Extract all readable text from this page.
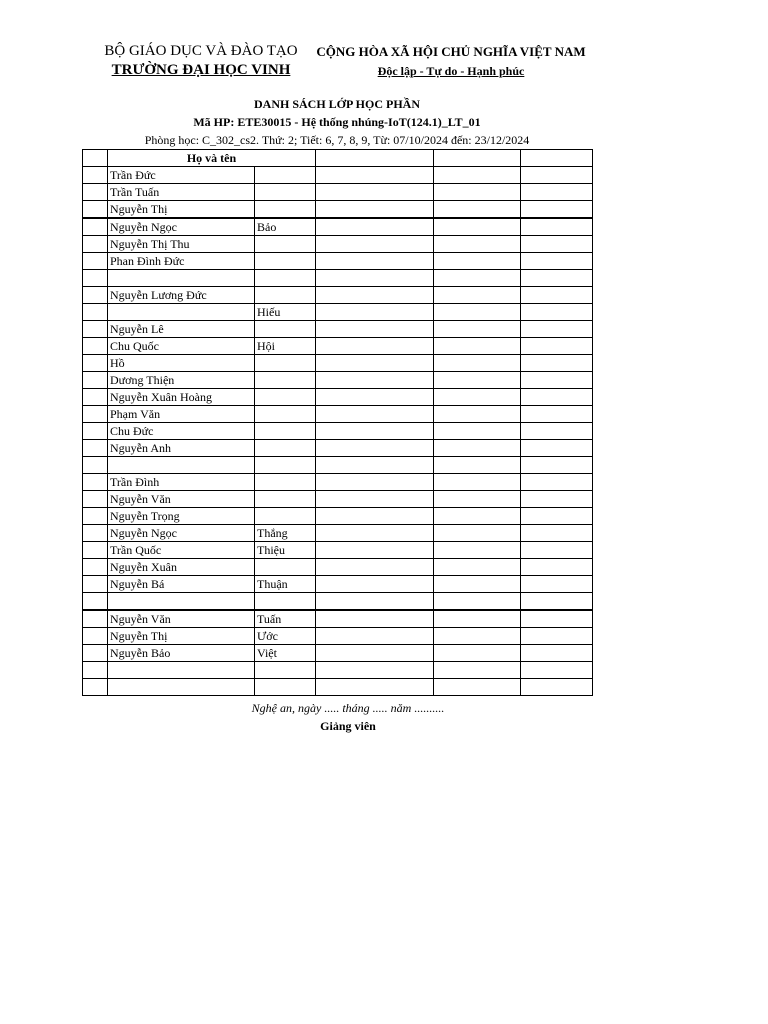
BỘ GIÁO DỤC VÀ ĐÀO TẠO
TRƯỜNG ĐẠI HỌC VINH
CỘNG HÒA XÃ HỘI CHỦ NGHĨA VIỆT NAM
Độc lập - Tự do - Hạnh phúc
DANH SÁCH LỚP HỌC PHẦN
Mã HP: ETE30015 - Hệ thống nhúng-IoT(124.1)_LT_01
Phòng học: C_302_cs2. Thứ: 2; Tiết: 6, 7, 8, 9, Từ: 07/10/2024 đến: 23/12/2024
	Họ và tên				
	Trần Đức				
	Trần Tuấn				
	Nguyễn Thị				
	Nguyễn Ngọc	Bảo			
	Nguyễn Thị Thu				
	Phan Đình Đức				

	Nguyễn Lương Đức				
		Hiếu			
	Nguyễn Lê				
	Chu Quốc	Hội			
	Hồ				
	Dương Thiện				
	Nguyễn Xuân Hoàng				
	Phạm Văn				
	Chu Đức				
	Nguyễn Anh				

	Trần Đình				
	Nguyễn Văn				
	Nguyễn Trọng				
	Nguyễn Ngọc	Thắng			
	Trần Quốc	Thiệu			
	Nguyễn Xuân				
	Nguyễn Bá	Thuận			

	Nguyễn Văn	Tuấn			
	Nguyễn Thị	Ước			
	Nguyễn Bảo	Việt			

Nghệ an, ngày ..... tháng ..... năm ..........
Giảng viên
